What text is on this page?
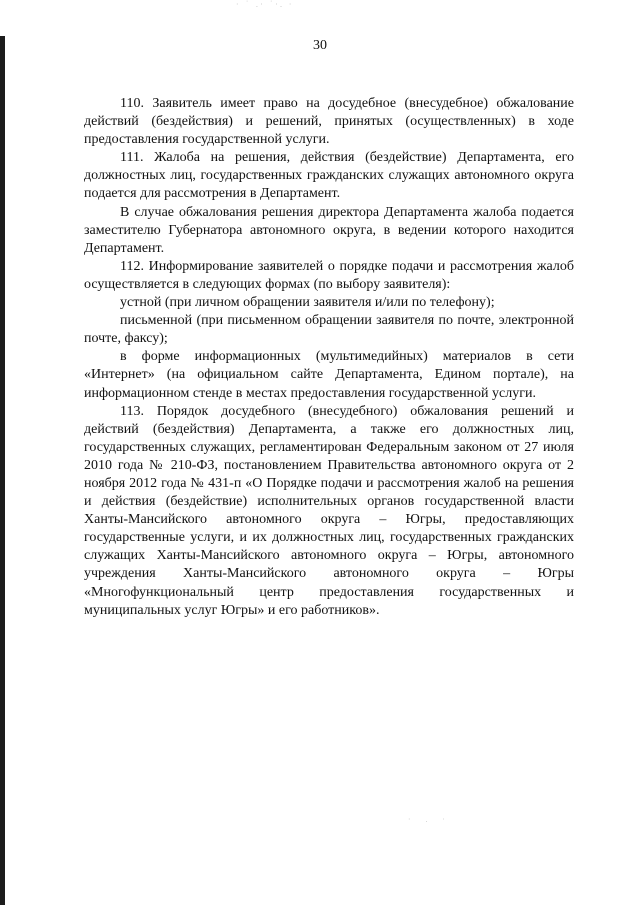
· ˙ .· ˙·. ·
· . ·
30

110. Заявитель имеет право на досудебное (внесудебное) обжалование действий (бездействия) и решений, принятых (осуществленных) в ходе предоставления государственной услуги.

111. Жалоба на решения, действия (бездействие) Департамента, его должностных лиц, государственных гражданских служащих автономного округа подается для рассмотрения в Департамент.

В случае обжалования решения директора Департамента жалоба подается заместителю Губернатора автономного округа, в ведении которого находится Департамент.

112. Информирование заявителей о порядке подачи и рассмотрения жалоб осуществляется в следующих формах (по выбору заявителя):

устной (при личном обращении заявителя и/или по телефону);

письменной (при письменном обращении заявителя по почте, электронной почте, факсу);

в форме информационных (мультимедийных) материалов в сети «Интернет» (на официальном сайте Департамента, Едином портале), на информационном стенде в местах предоставления государственной услуги.

113. Порядок досудебного (внесудебного) обжалования решений и действий (бездействия) Департамента, а также его должностных лиц, государственных служащих, регламентирован Федеральным законом от 27 июля 2010 года № 210-ФЗ, постановлением Правительства автономного округа от 2 ноября 2012 года № 431-п «О Порядке подачи и рассмотрения жалоб на решения и действия (бездействие) исполнительных органов государственной власти Ханты-Мансийского автономного округа – Югры, предоставляющих государственные услуги, и их должностных лиц, государственных гражданских служащих Ханты-Мансийского автономного округа – Югры, автономного учреждения Ханты-Мансийского автономного округа – Югры «Многофункциональный центр предоставления государственных и муниципальных услуг Югры» и его работников».
